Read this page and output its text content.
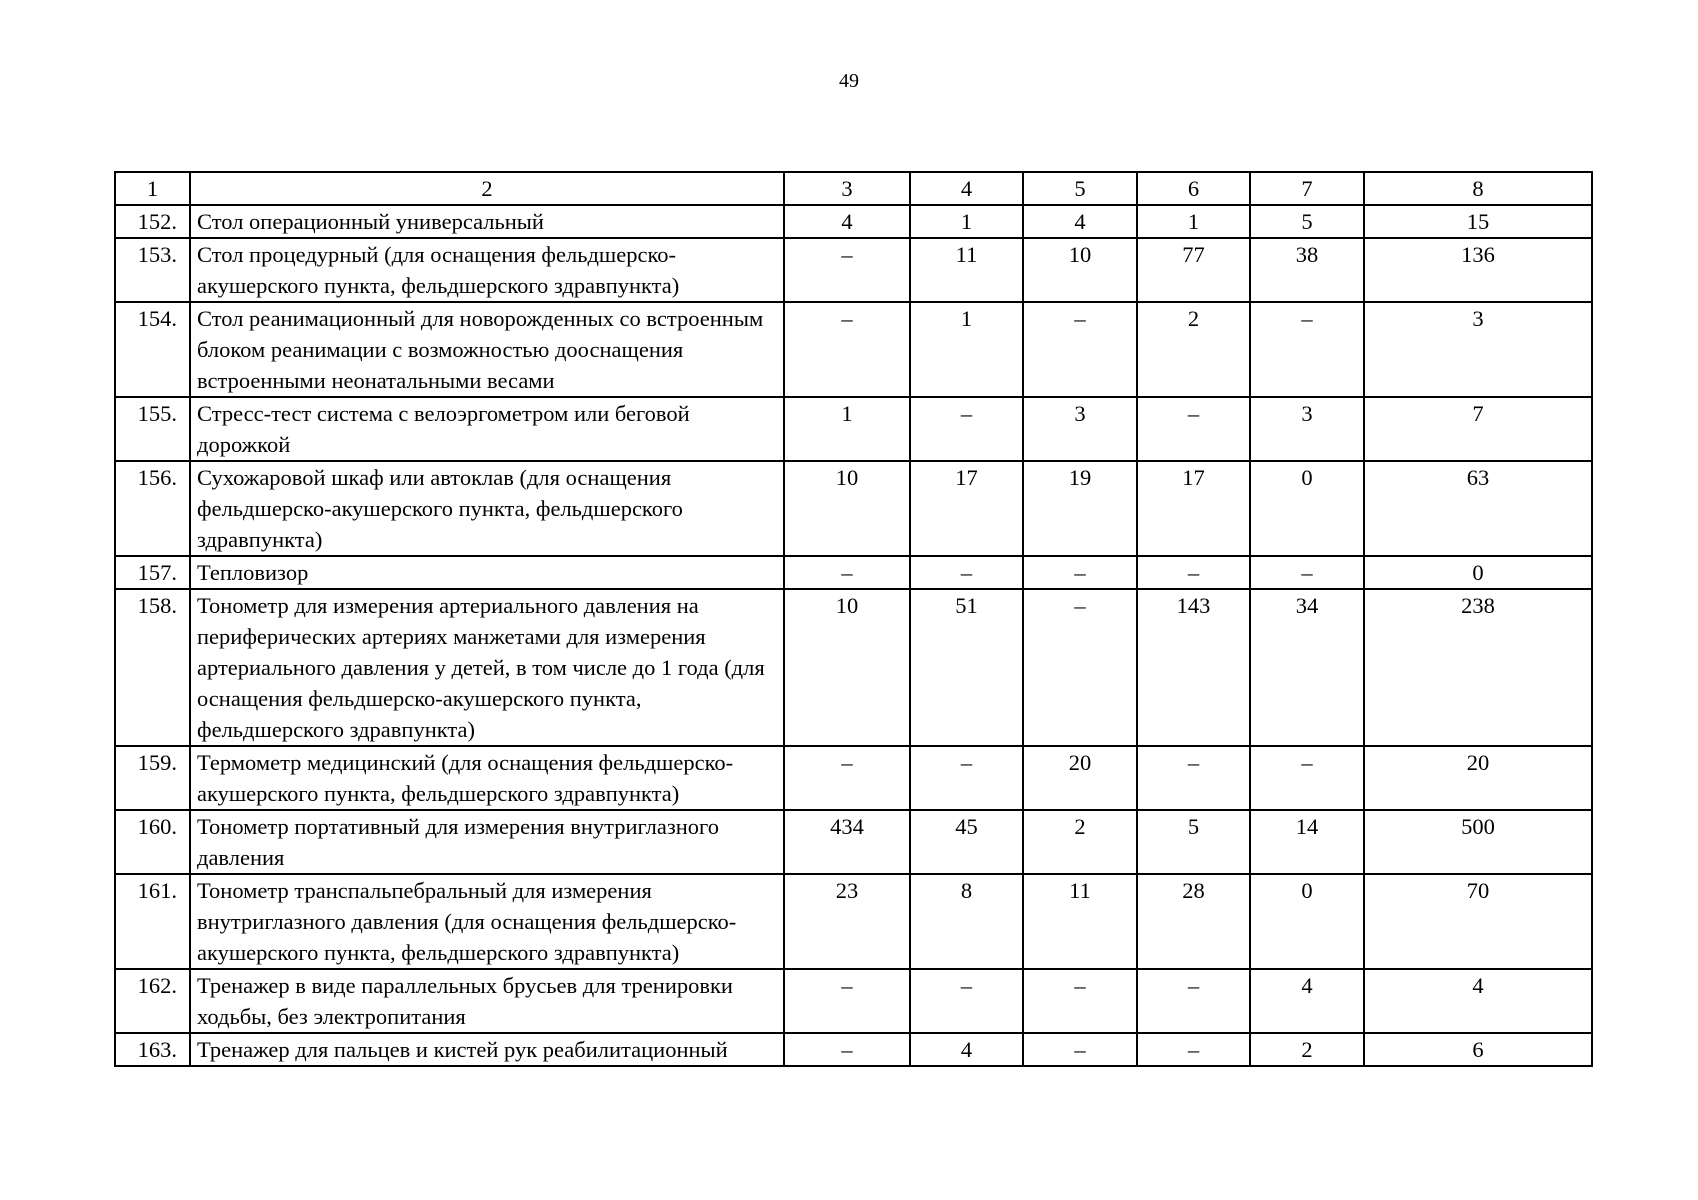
49
1	2	3	4	5	6	7	8
152.	Стол операционный универсальный	4	1	4	1	5	15
153.	Стол процедурный (для оснащения фельдшерско-акушерского пункта, фельдшерского здравпункта)	–	11	10	77	38	136
154.	Стол реанимационный для новорожденных со встроенным блоком реанимации с возможностью дооснащения встроенными неонатальными весами	–	1	–	2	–	3
155.	Стресс-тест система с велоэргометром или беговой дорожкой	1	–	3	–	3	7
156.	Сухожаровой шкаф или автоклав (для оснащения фельдшерско-акушерского пункта, фельдшерского здравпункта)	10	17	19	17	0	63
157.	Тепловизор	–	–	–	–	–	0
158.	Тонометр для измерения артериального давления на периферических артериях манжетами для измерения артериального давления у детей, в том числе до 1 года (для оснащения фельдшерско-акушерского пункта, фельдшерского здравпункта)	10	51	–	143	34	238
159.	Термометр медицинский (для оснащения фельдшерско-акушерского пункта, фельдшерского здравпункта)	–	–	20	–	–	20
160.	Тонометр портативный для измерения внутриглазного давления	434	45	2	5	14	500
161.	Тонометр транспальпебральный для измерения внутриглазного давления (для оснащения фельдшерско-акушерского пункта, фельдшерского здравпункта)	23	8	11	28	0	70
162.	Тренажер в виде параллельных брусьев для тренировки ходьбы, без электропитания	–	–	–	–	4	4
163.	Тренажер для пальцев и кистей рук реабилитационный	–	4	–	–	2	6
